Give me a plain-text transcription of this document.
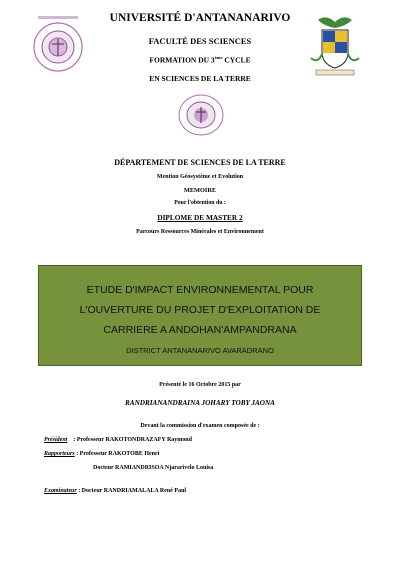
UNIVERSITÉ D'ANTANANARIVO
FACULTÉ DES SCIENCES
FORMATION DU 3ème CYCLE
EN SCIENCES DE LA TERRE
DÉPARTEMENT DE SCIENCES DE LA TERRE
Mention Géosystème et Evolution
MEMOIRE
Pour l'obtention du :
DIPLOME DE MASTER 2
Parcours Ressources Minérales et Environnement
ETUDE D'IMPACT ENVIRONNEMENTAL POUR
L'OUVERTURE DU PROJET D'EXPLOITATION DE
CARRIERE A ANDOHAN'AMPANDRANA
DISTRICT ANTANANARIVO AVARADRANO
Présenté le 16 Octobre 2015 par
RANDRIANANDRAINA JOHARY TOBY JAONA
Devant la commission d'examen composée de :
Président    : Professeur RAKOTONDRAZAFY Raymond
Rapporteurs : Professeur RAKOTOBE Henri
Docteur RAMIANDRISOA Njararivelo Louisa
Examinateur : Docteur RANDRIAMALALA René Paul
